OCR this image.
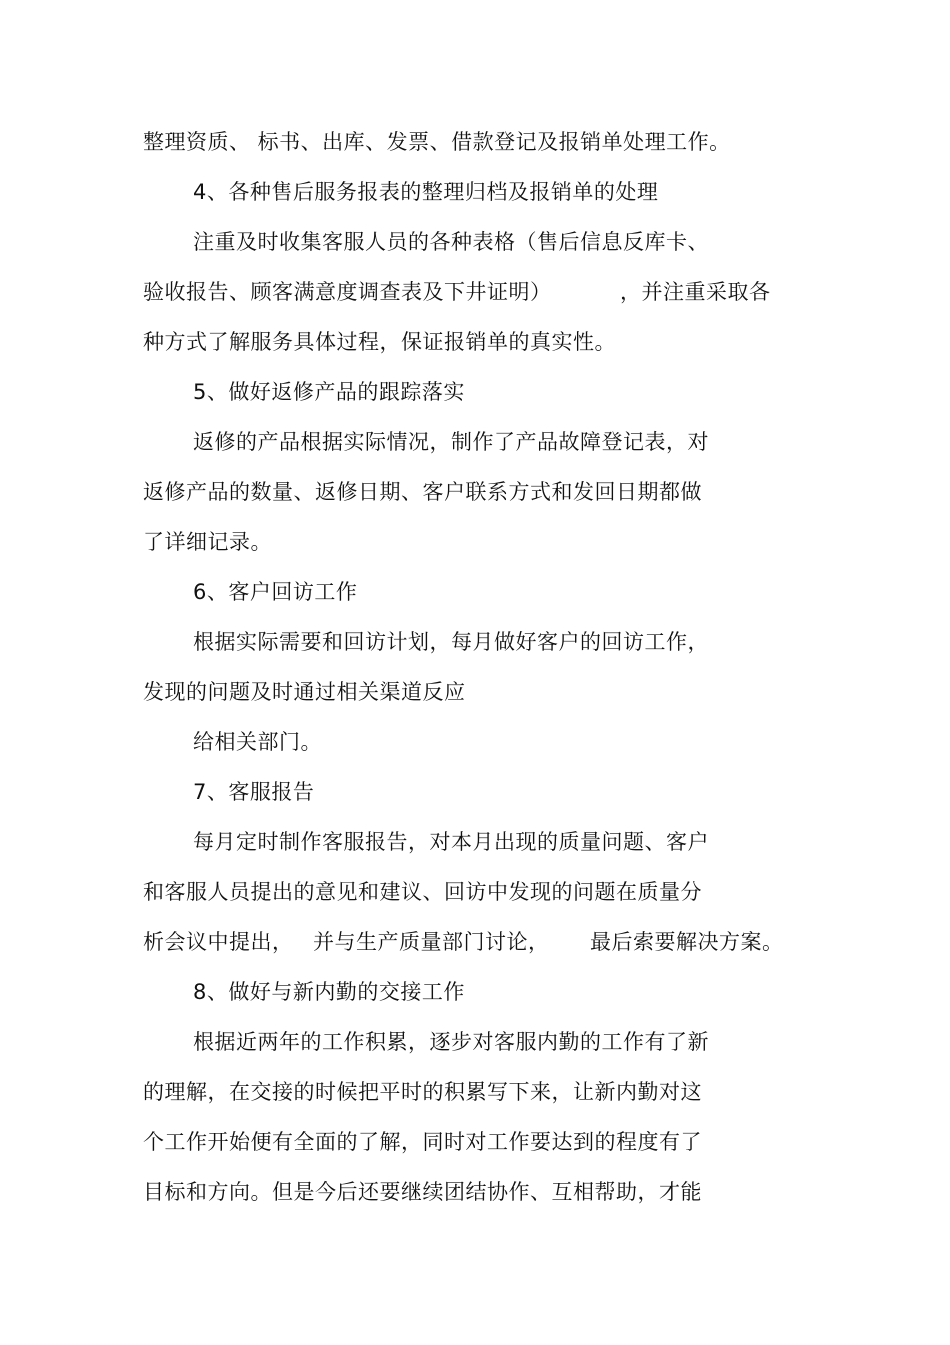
整理资质、 标书、出库、发票、借款登记及报销单处理工作。
4、各种售后服务报表的整理归档及报销单的处理
注重及时收集客服人员的各种表格（售后信息反库卡、
验收报告、顾客满意度调查表及下井证明）	，并注重采取各
种方式了解服务具体过程，保证报销单的真实性。
5、做好返修产品的跟踪落实
返修的产品根据实际情况，制作了产品故障登记表，对
返修产品的数量、返修日期、客户联系方式和发回日期都做
了详细记录。
6、客户回访工作
根据实际需要和回访计划，每月做好客户的回访工作，
发现的问题及时通过相关渠道反应
给相关部门。
7、客服报告
每月定时制作客服报告，对本月出现的质量问题、客户
和客服人员提出的意见和建议、回访中发现的问题在质量分
析会议中提出， 并与生产质量部门讨论， 最后索要解决方案。
8、做好与新内勤的交接工作
根据近两年的工作积累，逐步对客服内勤的工作有了新
的理解，在交接的时候把平时的积累写下来，让新内勤对这
个工作开始便有全面的了解，同时对工作要达到的程度有了
目标和方向。但是今后还要继续团结协作、互相帮助，才能
